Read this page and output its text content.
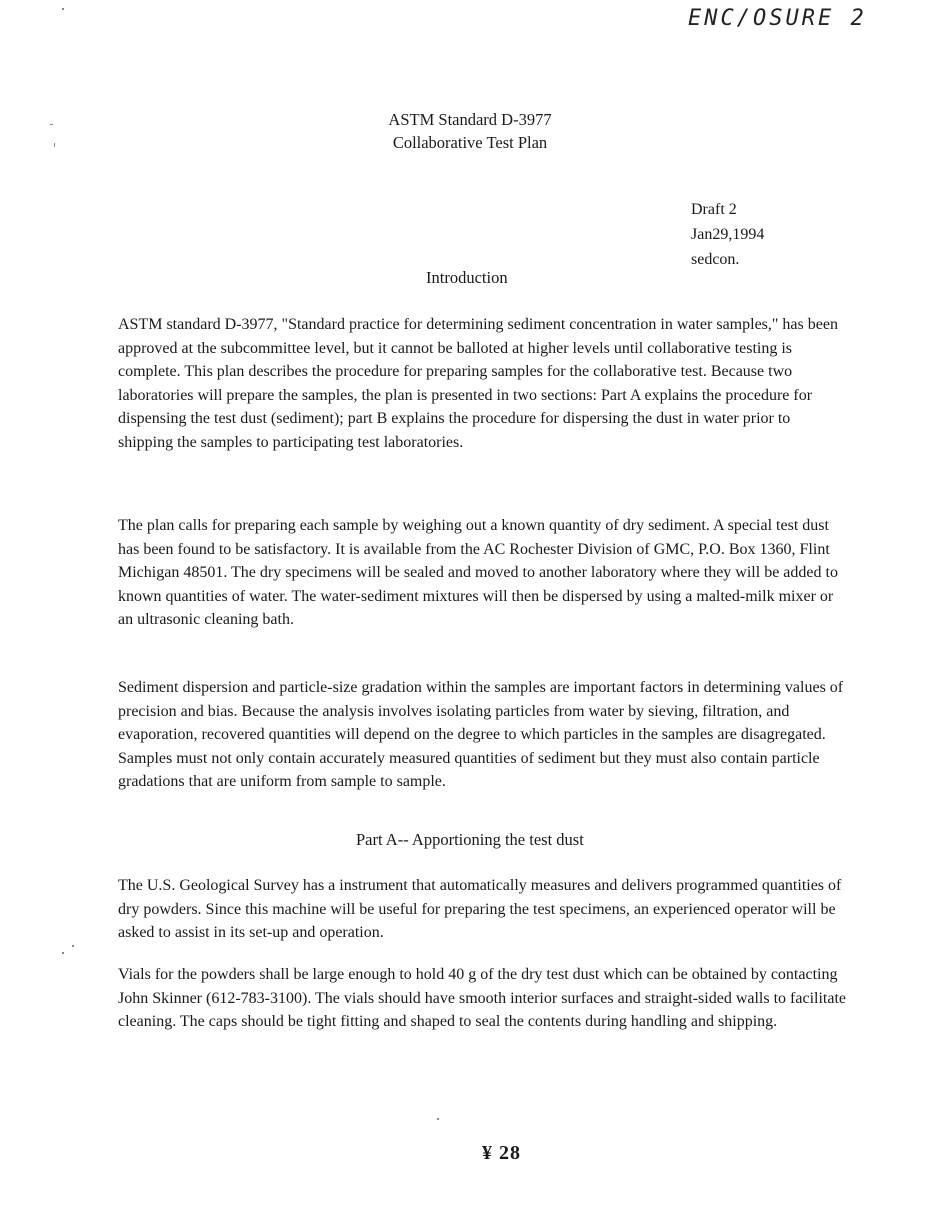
ENC/OSURE 2
ASTM Standard D-3977
Collaborative Test Plan
Draft 2
Jan29,1994
sedcon.
Introduction
ASTM standard D-3977, "Standard practice for determining sediment concentration in water samples," has been approved at the subcommittee level, but it cannot be balloted at higher levels until collaborative testing is complete. This plan describes the procedure for preparing samples for the collaborative test. Because two laboratories will prepare the samples, the plan is presented in two sections: Part A explains the procedure for dispensing the test dust (sediment); part B explains the procedure for dispersing the dust in water prior to shipping the samples to participating test laboratories.
The plan calls for preparing each sample by weighing out a known quantity of dry sediment. A special test dust has been found to be satisfactory. It is available from the AC Rochester Division of GMC, P.O. Box 1360, Flint Michigan 48501. The dry specimens will be sealed and moved to another laboratory where they will be added to known quantities of water. The water-sediment mixtures will then be dispersed by using a malted-milk mixer or an ultrasonic cleaning bath.
Sediment dispersion and particle-size gradation within the samples are important factors in determining values of precision and bias. Because the analysis involves isolating particles from water by sieving, filtration, and evaporation, recovered quantities will depend on the degree to which particles in the samples are disagregated. Samples must not only contain accurately measured quantities of sediment but they must also contain particle gradations that are uniform from sample to sample.
Part A-- Apportioning the test dust
The U.S. Geological Survey has a instrument that automatically measures and delivers programmed quantities of dry powders. Since this machine will be useful for preparing the test specimens, an experienced operator will be asked to assist in its set-up and operation.
Vials for the powders shall be large enough to hold 40 g of the dry test dust which can be obtained by contacting John Skinner (612-783-3100). The vials should have smooth interior surfaces and straight-sided walls to facilitate cleaning. The caps should be tight fitting and shaped to seal the contents during handling and shipping.
¥ 28
